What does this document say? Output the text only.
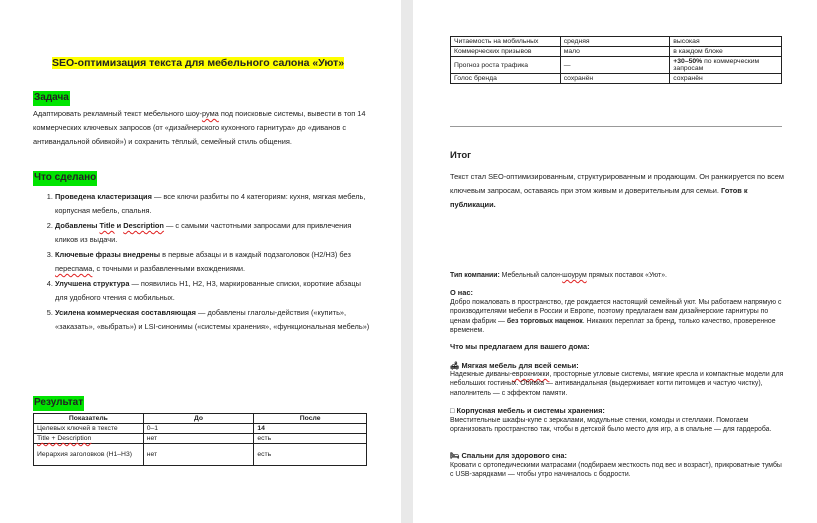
SEO-оптимизация текста для мебельного салона «Уют»
Задача
Адаптировать рекламный текст мебельного шоу-рума под поисковые системы, вывести в топ 14 коммерческих ключевых запросов (от «дизайнерского кухонного гарнитура» до «диванов с антивандальной обивкой») и сохранить тёплый, семейный стиль общения.
Что сделано
1. Проведена кластеризация — все ключи разбиты по 4 категориям: кухня, мягкая мебель, корпусная мебель, спальня.
2. Добавлены Title и Description — с самыми частотными запросами для привлечения кликов из выдачи.
3. Ключевые фразы внедрены в первые абзацы и в каждый подзаголовок (H2/H3) без переспама, с точными и разбавленными вхождениями.
4. Улучшена структура — появились H1, H2, H3, маркированные списки, короткие абзацы для удобного чтения с мобильных.
5. Усилена коммерческая составляющая — добавлены глаголы-действия («купить», «заказать», «выбрать») и LSI-синонимы («системы хранения», «функциональная мебель»)
Результат
Показатель	До	После
Целевых ключей в тексте	0–1	14
Title + Description	нет	есть
Иерархия заголовков (H1–H3)	нет	есть
Читаемость на мобильных	средняя	высокая
Коммерческих призывов	мало	в каждом блоке
Прогноз роста трафика	—	+30–50% по коммерческим запросам
Голос бренда	сохранён	сохранён
Итог
Текст стал SEO-оптимизированным, структурированным и продающим. Он ранжируется по всем ключевым запросам, оставаясь при этом живым и доверительным для семьи. Готов к публикации.
Тип компании: Мебельный салон-шоурум прямых поставок «Уют».
О нас:
Добро пожаловать в пространство, где рождается настоящий семейный уют. Мы работаем напрямую с производителями мебели в России и Европе, поэтому предлагаем вам дизайнерские гарнитуры по ценам фабрик — без торговых наценок. Никаких переплат за бренд, только качество, проверенное временем.
Что мы предлагаем для вашего дома:
🛋 Мягкая мебель для всей семьи:
Надежные диваны-еврокнижки, просторные угловые системы, мягкие кресла и компактные модели для небольших гостиных. Обивка — антивандальная (выдерживает когти питомцев и частую чистку), наполнитель — с эффектом памяти.
□ Корпусная мебель и системы хранения:
Вместительные шкафы-купе с зеркалами, модульные стенки, комоды и стеллажи. Помогаем организовать пространство так, чтобы в детской было место для игр, а в спальне — для гардероба.
🛏 Спальни для здорового сна:
Кровати с ортопедическими матрасами (подбираем жесткость под вес и возраст), прикроватные тумбы с USB-зарядками — чтобы утро начиналось с бодрости.
